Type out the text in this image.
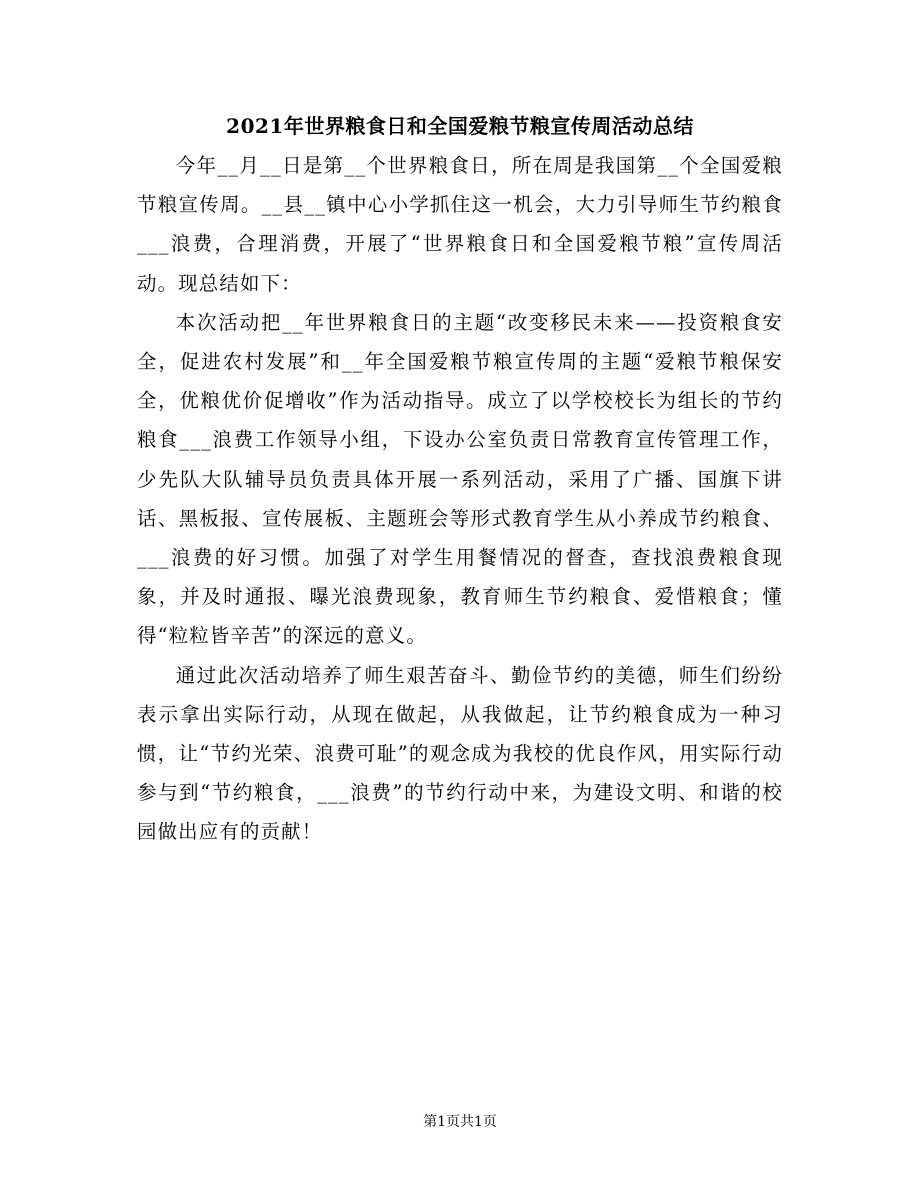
2021年世界粮食日和全国爱粮节粮宣传周活动总结

今年__月__日是第__个世界粮食日，所在周是我国第__个全国爱粮节粮宣传周。__县__镇中心小学抓住这一机会，大力引导师生节约粮食___浪费，合理消费，开展了“世界粮食日和全国爱粮节粮”宣传周活动。现总结如下：

本次活动把__年世界粮食日的主题“改变移民未来——投资粮食安全，促进农村发展”和__年全国爱粮节粮宣传周的主题“爱粮节粮保安全，优粮优价促增收”作为活动指导。成立了以学校校长为组长的节约粮食___浪费工作领导小组，下设办公室负责日常教育宣传管理工作，少先队大队辅导员负责具体开展一系列活动，采用了广播、国旗下讲话、黑板报、宣传展板、主题班会等形式教育学生从小养成节约粮食、___浪费的好习惯。加强了对学生用餐情况的督查，查找浪费粮食现象，并及时通报、曝光浪费现象，教育师生节约粮食、爱惜粮食；懂得“粒粒皆辛苦”的深远的意义。

通过此次活动培养了师生艰苦奋斗、勤俭节约的美德，师生们纷纷表示拿出实际行动，从现在做起，从我做起，让节约粮食成为一种习惯，让“节约光荣、浪费可耻”的观念成为我校的优良作风，用实际行动参与到“节约粮食，___浪费”的节约行动中来，为建设文明、和谐的校园做出应有的贡献！

第1页共1页
